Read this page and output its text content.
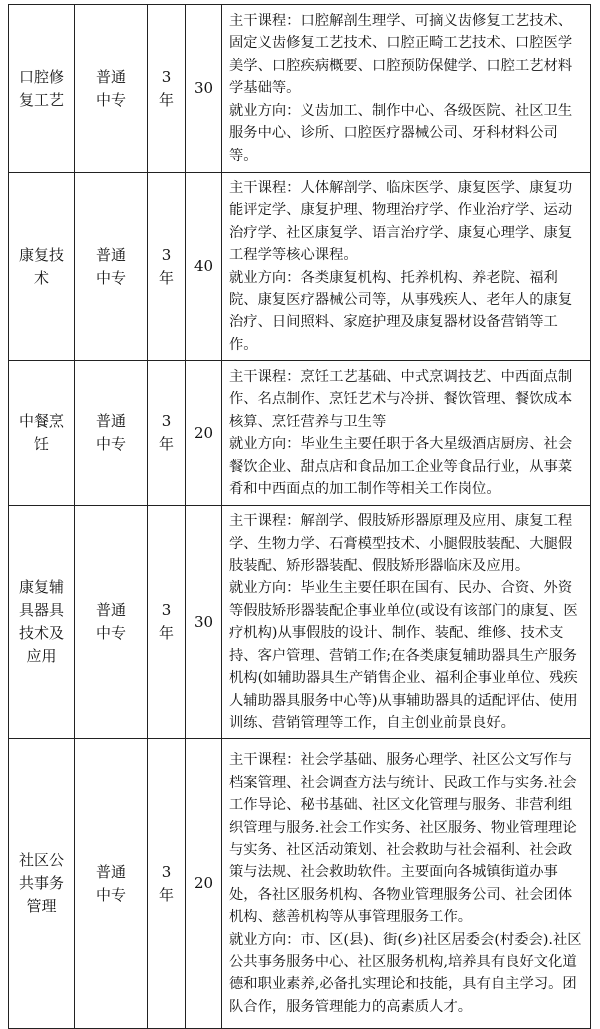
口腔修复工艺	普通中专	3年	30	主干课程：口腔解剖生理学、可摘义齿修复工艺技术、固定义齿修复工艺技术、口腔正畸工艺技术、口腔医学美学、口腔疾病概要、口腔预防保健学、口腔工艺材料学基础等。

就业方向：义齿加工、制作中心、各级医院、社区卫生服务中心、诊所、口腔医疗器械公司、牙科材料公司等。

康复技术	普通中专	3年	40	主干课程：人体解剖学、临床医学、康复医学、康复功能评定学、康复护理、物理治疗学、作业治疗学、运动治疗学、社区康复学、语言治疗学、康复心理学、康复工程学等核心课程。

就业方向：各类康复机构、托养机构、养老院、福利院、康复医疗器械公司等，从事残疾人、老年人的康复治疗、日间照料、家庭护理及康复器材设备营销等工作。

中餐烹饪	普通中专	3年	20	主干课程：烹饪工艺基础、中式烹调技艺、中西面点制作、名点制作、烹饪艺术与冷拼、餐饮管理、餐饮成本核算、烹饪营养与卫生等

就业方向：毕业生主要任职于各大星级酒店厨房、社会餐饮企业、甜点店和食品加工企业等食品行业，从事菜肴和中西面点的加工制作等相关工作岗位。

康复辅具器具技术及应用	普通中专	3年	30	主干课程：解剖学、假肢矫形器原理及应用、康复工程学、生物力学、石膏模型技术、小腿假肢装配、大腿假肢装配、矫形器装配、假肢矫形器临床及应用。

就业方向：毕业生主要任职在国有、民办、合资、外资等假肢矫形器装配企事业单位(或设有该部门的康复、医疗机构)从事假肢的设计、制作、装配、维修、技术支持、客户管理、营销工作;在各类康复辅助器具生产服务机构(如辅助器具生产销售企业、福利企事业单位、残疾人辅助器具服务中心等)从事辅助器具的适配评估、使用训练、营销管理等工作，自主创业前景良好。

社区公共事务管理	普通中专	3年	20	主干课程：社会学基础、服务心理学、社区公文写作与档案管理、社会调查方法与统计、民政工作与实务.社会工作导论、秘书基础、社区文化管理与服务、非营利组织管理与服务.社会工作实务、社区服务、物业管理理论与实务、社区活动策划、社会救助与社会福利、社会政策与法规、社会救助软件。主要面向各城镇街道办事处，各社区服务机构、各物业管理服务公司、社会团体机构、慈善机构等从事管理服务工作。

就业方向：市、区(县)、街(乡)社区居委会(村委会).社区公共事务服务中心、社区服务机构,培养具有良好文化道德和职业素养,必备扎实理论和技能，具有自主学习。团队合作，服务管理能力的高素质人才。
